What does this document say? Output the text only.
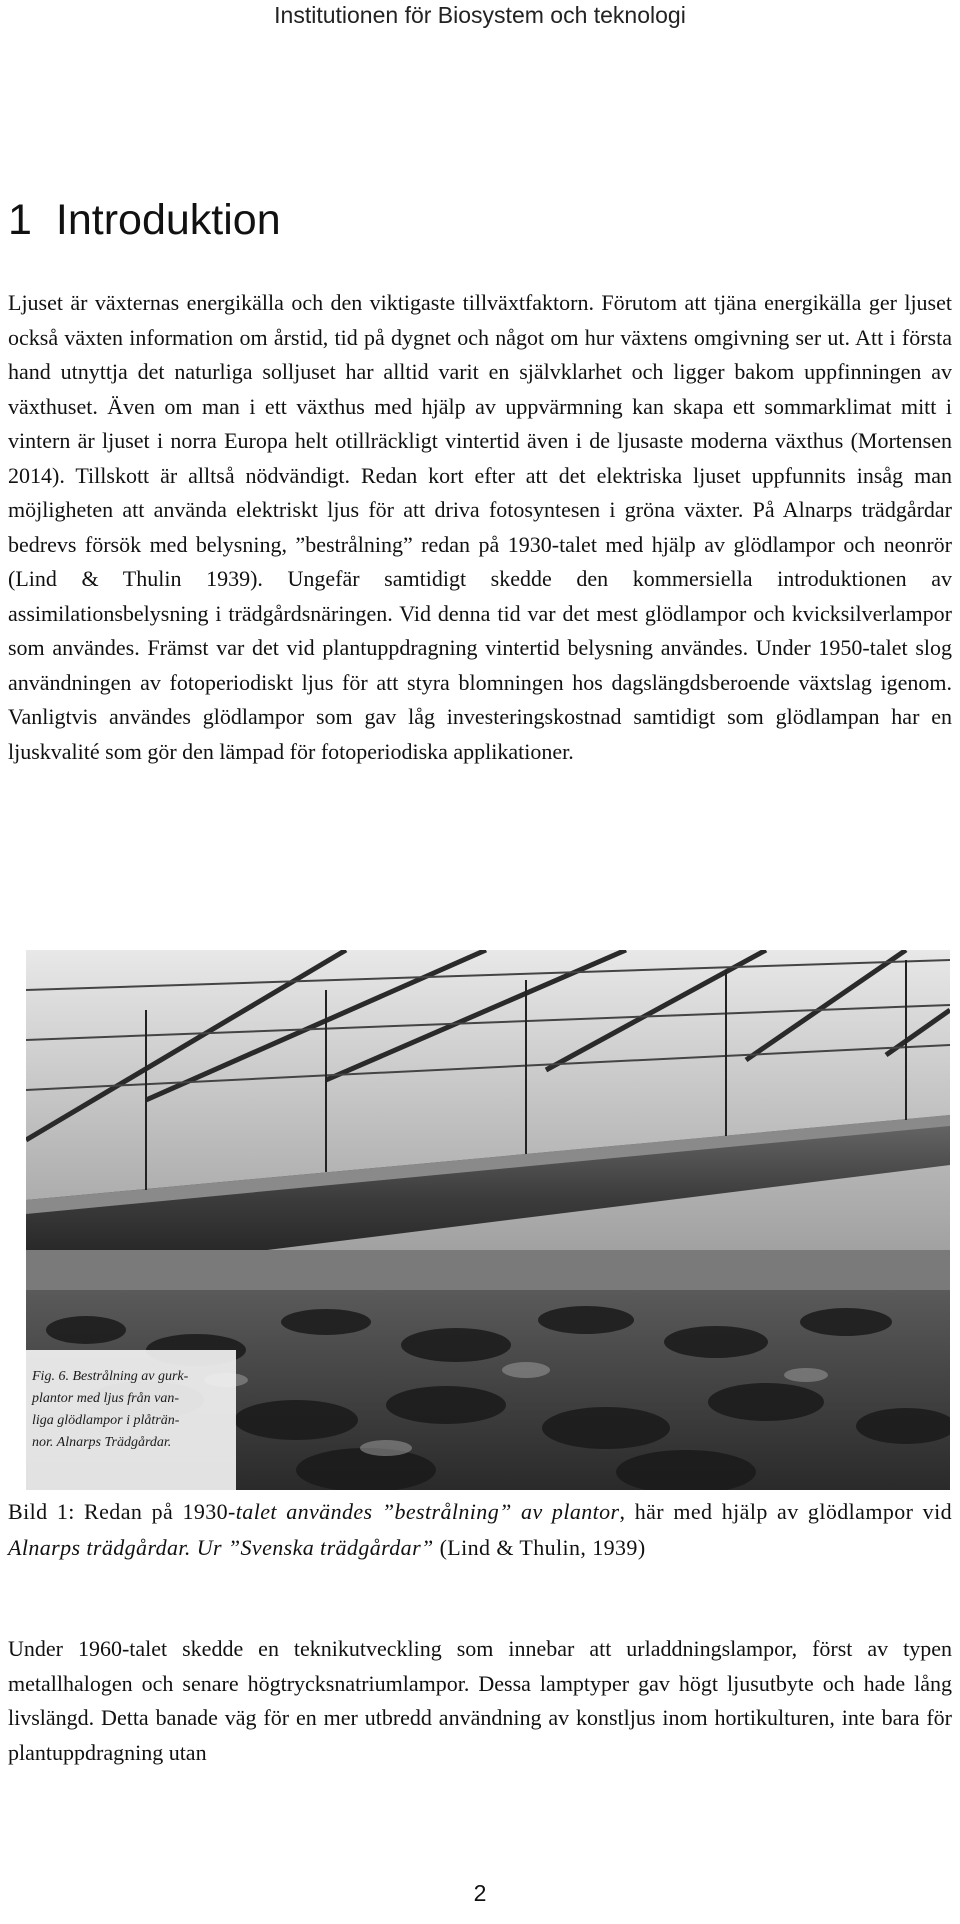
Institutionen för Biosystem och teknologi
1 Introduktion

Ljuset är växternas energikälla och den viktigaste tillväxtfaktorn. Förutom att tjäna energikälla ger ljuset också växten information om årstid, tid på dygnet och något om hur växtens omgivning ser ut. Att i första hand utnyttja det naturliga solljuset har alltid varit en självklarhet och ligger bakom uppfinningen av växthuset. Även om man i ett växthus med hjälp av uppvärmning kan skapa ett sommarklimat mitt i vintern är ljuset i norra Europa helt otillräckligt vintertid även i de ljusaste moderna växthus (Mortensen 2014). Tillskott är alltså nödvändigt. Redan kort efter att det elektriska ljuset uppfunnits insåg man möjligheten att använda elektriskt ljus för att driva fotosyntesen i gröna växter. På Alnarps trädgårdar bedrevs försök med belysning, ”bestrålning” redan på 1930-talet med hjälp av glödlampor och neonrör (Lind & Thulin 1939). Ungefär samtidigt skedde den kommersiella introduktionen av assimilationsbelysning i trädgårdsnäringen. Vid denna tid var det mest glödlampor och kvicksilverlampor som användes. Främst var det vid plantuppdragning vintertid belysning användes. Under 1950-talet slog användningen av fotoperiodiskt ljus för att styra blomningen hos dagslängdsberoende växtslag igenom. Vanligtvis användes glödlampor som gav låg investeringskostnad samtidigt som glödlampan har en ljuskvalité som gör den lämpad för fotoperiodiska applikationer.

Fig. 6. Bestrålning av gurk-
plantor med ljus från van-
liga glödlampor i plåträn-
nor. Alnarps Trädgårdar.

Bild 1: Redan på 1930-talet användes ”bestrålning” av plantor, här med hjälp av glödlampor vid Alnarps trädgårdar. Ur ”Svenska trädgårdar” (Lind & Thulin, 1939)

Under 1960-talet skedde en teknikutveckling som innebar att urladdningslampor, först av typen metallhalogen och senare högtrycksnatriumlampor. Dessa lamptyper gav högt ljusutbyte och hade lång livslängd. Detta banade väg för en mer utbredd användning av konstljus inom hortikulturen, inte bara för plantuppdragning utan

2
